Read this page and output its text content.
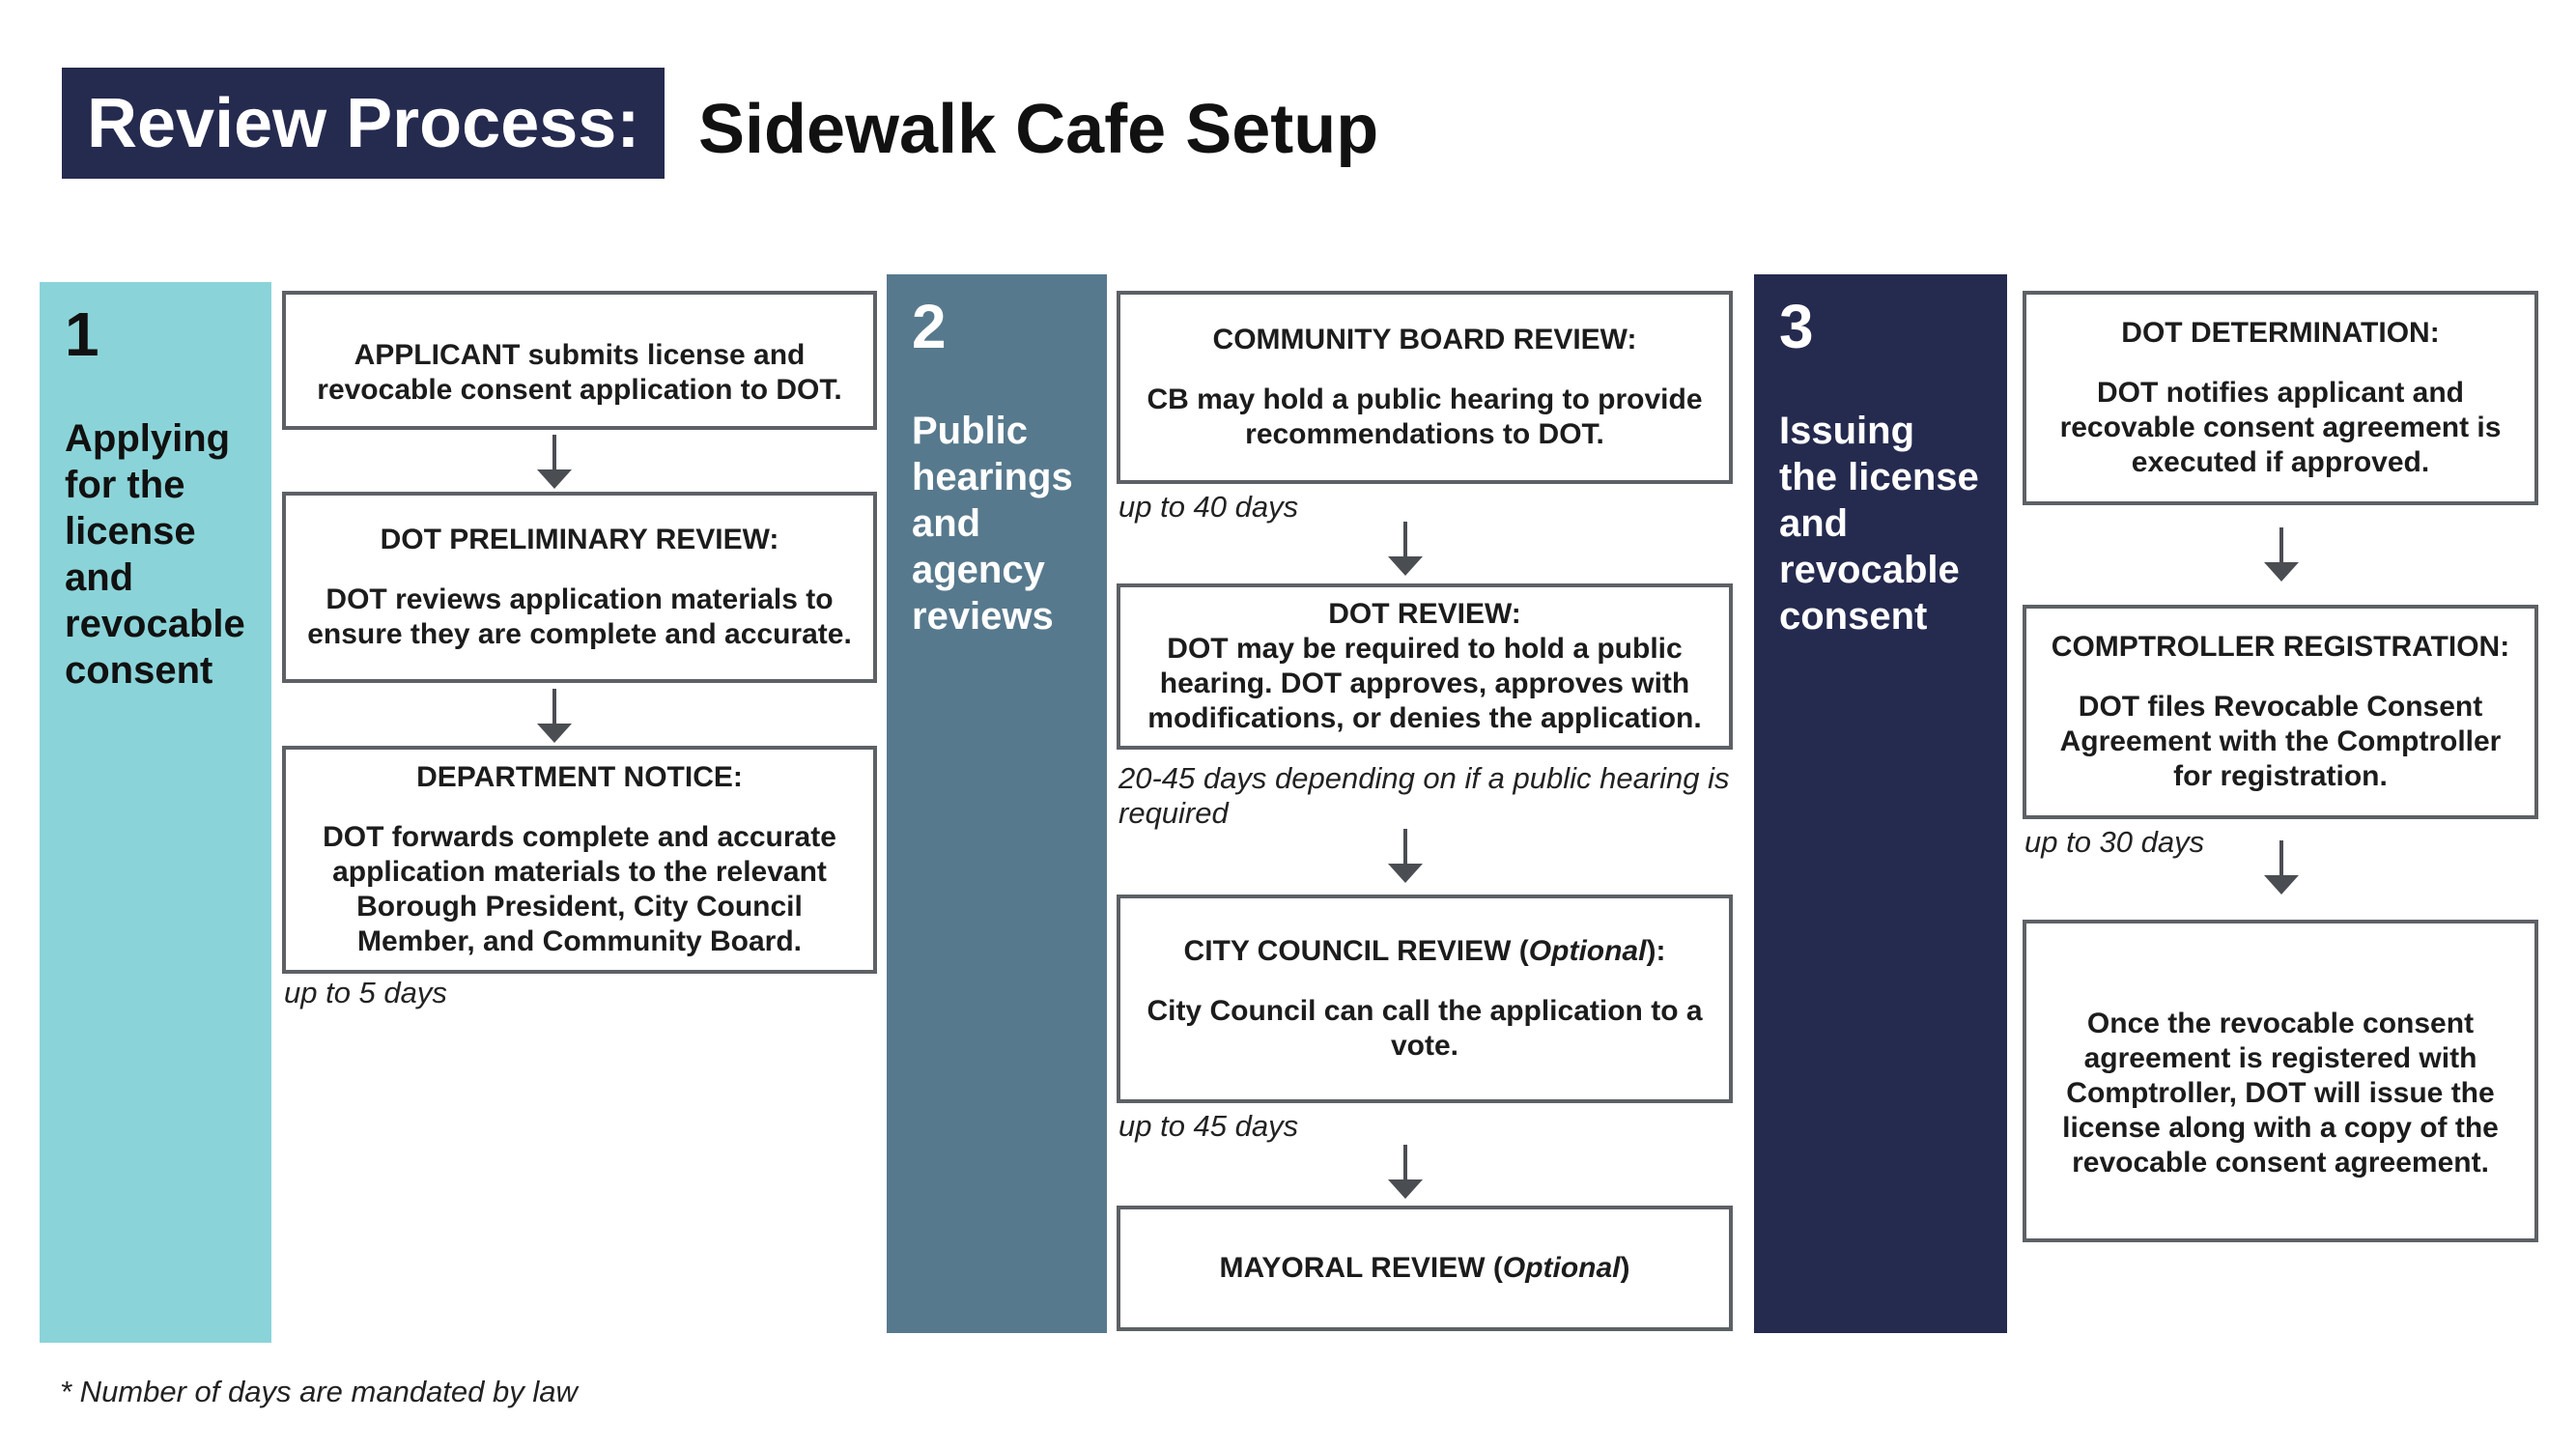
Review Process: Sidewalk Cafe Setup
1
Applying for the license and revocable consent
2
Public hearings and agency reviews
3
Issuing the license and revocable consent
APPLICANT submits license and revocable consent application to DOT.
DOT PRELIMINARY REVIEW:
DOT reviews application materials to ensure they are complete and accurate.
DEPARTMENT NOTICE:
DOT forwards complete and accurate application materials to the relevant Borough President, City Council Member, and Community Board.
up to 5 days
COMMUNITY BOARD REVIEW:
CB may hold a public hearing to provide recommendations to DOT.
up to 40 days
DOT REVIEW:
DOT may be required to hold a public hearing. DOT approves, approves with modifications, or denies the application.
20-45 days depending on if a public hearing is required
CITY COUNCIL REVIEW (Optional):
City Council can call the application to a vote.
up to 45 days
MAYORAL REVIEW (Optional)
DOT DETERMINATION:
DOT notifies applicant and recovable consent agreement is executed if approved.
COMPTROLLER REGISTRATION:
DOT files Revocable Consent Agreement with the Comptroller for registration.
up to 30 days
Once the revocable consent agreement is registered with Comptroller, DOT will issue the license along with a copy of the revocable consent agreement.
* Number of days are mandated by law
